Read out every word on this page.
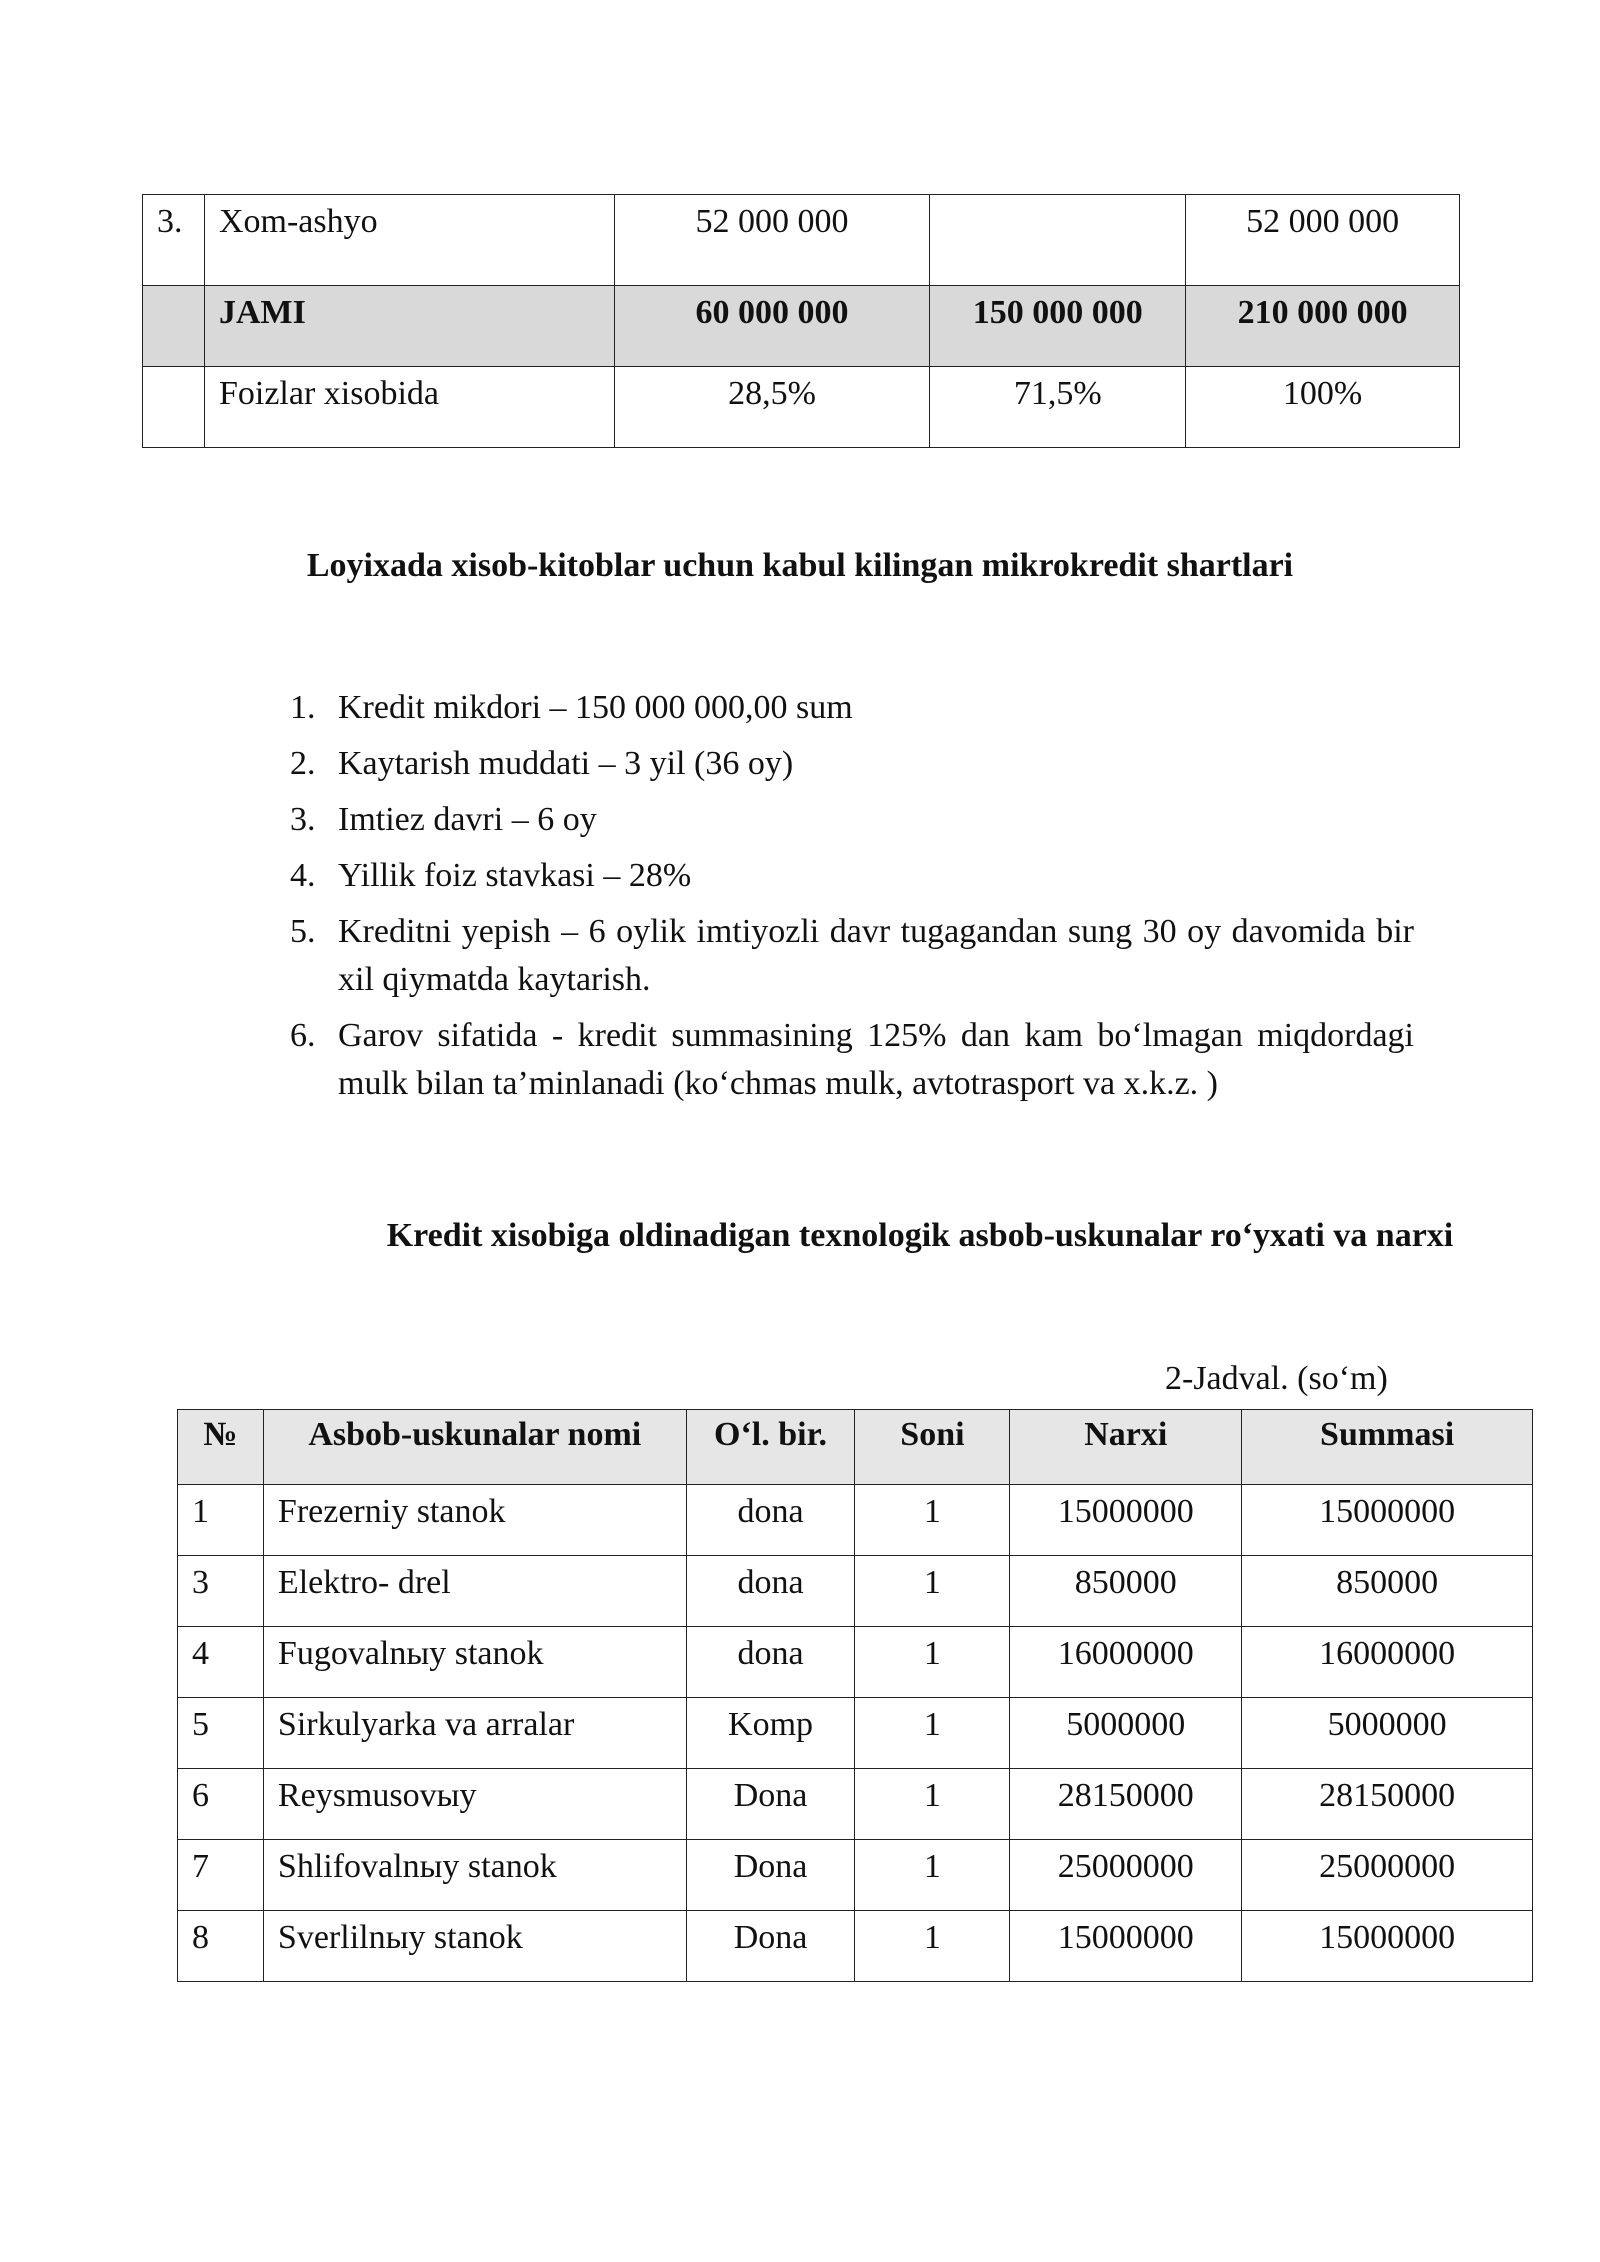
3.	Xom-ashyo	52 000 000		52 000 000
	JAMI	60 000 000	150 000 000	210 000 000
	Foizlar xisobida	28,5%	71,5%	100%
Loyixada xisob-kitoblar uchun kabul kilingan mikrokredit shartlari
1. Kredit mikdori – 150 000 000,00 sum
2. Kaytarish muddati – 3 yil (36 oy)
3. Imtiez davri – 6 oy
4. Yillik foiz stavkasi – 28%
5. Kreditni yepish – 6 oylik imtiyozli davr tugagandan sung 30 oy davomida bir xil qiymatda kaytarish.
6. Garov sifatida - kredit summasining 125% dan kam bo‘lmagan miqdordagi mulk bilan ta’minlanadi (ko‘chmas mulk, avtotrasport va x.k.z. )
Kredit xisobiga oldinadigan texnologik asbob-uskunalar ro‘yxati va narxi
2-Jadval. (so‘m)
№	Asbob-uskunalar nomi	O‘l. bir.	Soni	Narxi	Summasi
1	Frezerniy stanok	dona	1	15000000	15000000
3	Elektro- drel	dona	1	850000	850000
4	Fugovalnыy stanok	dona	1	16000000	16000000
5	Sirkulyarka va arralar	Komp	1	5000000	5000000
6	Reysmusovыy	Dona	1	28150000	28150000
7	Shlifovalnыy stanok	Dona	1	25000000	25000000
8	Sverlilnыy stanok	Dona	1	15000000	15000000
